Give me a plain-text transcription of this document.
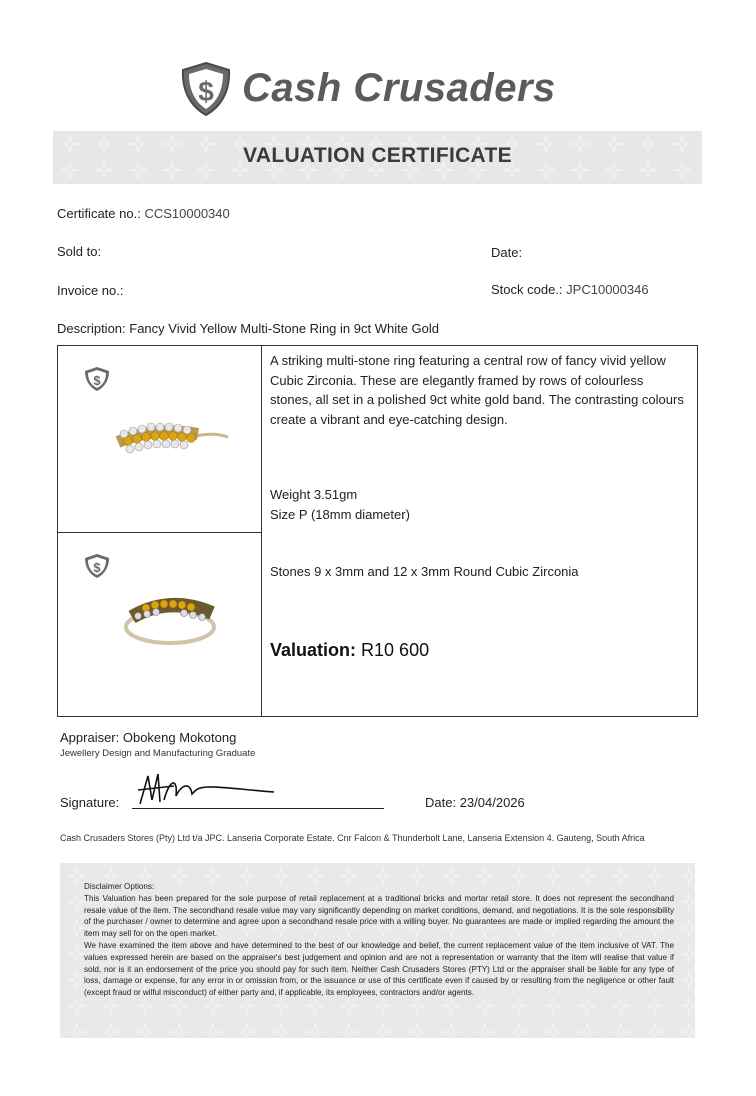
$ Cash Crusaders
VALUATION CERTIFICATE
Certificate no.: CCS10000340
Sold to:	Date:
Invoice no.:	Stock code.: JPC10000346
Description: Fancy Vivid Yellow Multi-Stone Ring in 9ct White Gold
$
$
A striking multi-stone ring featuring a central row of fancy vivid yellow Cubic Zirconia. These are elegantly framed by rows of colourless stones, all set in a polished 9ct white gold band. The contrasting colours create a vibrant and eye-catching design.
Weight 3.51gm
Size P (18mm diameter)
Stones 9 x 3mm and 12 x 3mm Round Cubic Zirconia
Valuation: R10 600
Appraiser: Obokeng Mokotong
Jewellery Design and Manufacturing Graduate
Signature:	Date: 23/04/2026
Cash Crusaders Stores (Pty) Ltd t/a JPC. Lanseria Corporate Estate. Cnr Falcon & Thunderbolt Lane, Lanseria Extension 4. Gauteng, South Africa

Disclaimer Options:

This Valuation has been prepared for the sole purpose of retail replacement at a traditional bricks and mortar retail store. It does not represent the secondhand resale value of the item. The secondhand resale value may vary significantly depending on market conditions, demand, and negotiations. It is the sole responsibility of the purchaser / owner to determine and agree upon a secondhand resale price with a willing buyer. No guarantees are made or implied regarding the amount the item may sell for on the open market.

We have examined the item above and have determined to the best of our knowledge and belief, the current replacement value of the item inclusive of VAT. The values expressed herein are based on the appraiser's best judgement and opinion and are not a representation or warranty that the item will realise that value if sold, nor is it an endorsement of the price you should pay for such item. Neither Cash Crusaders Stores (PTY) Ltd or the appraiser shall be liable for any type of loss, damage or expense, for any error in or omission from, or the issuance or use of this certificate even if caused by or resulting from the negligence or other fault (except fraud or wilful misconduct) of either party and, if applicable, its employees, contractors and/or agents.
